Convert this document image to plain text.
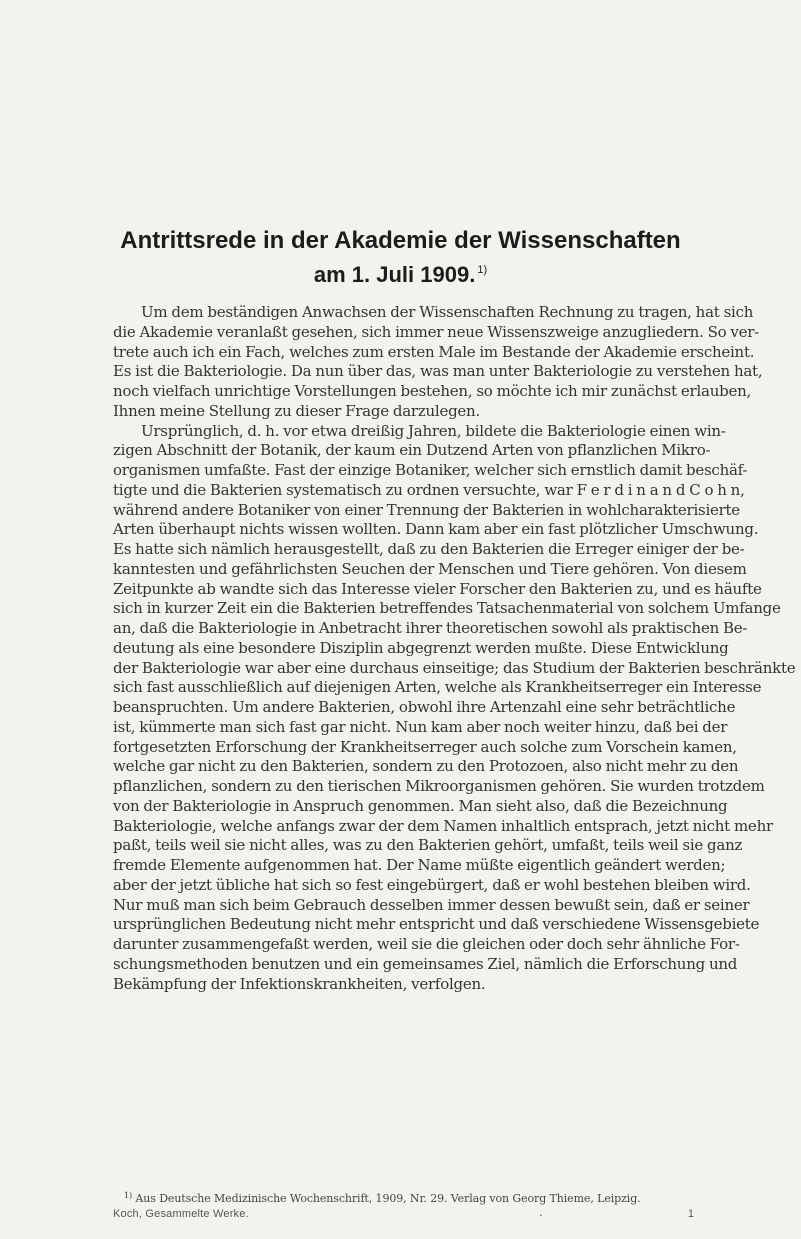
Antrittsrede in der Akademie der Wissenschaften
am 1. Juli 1909. $^{1)}$
Um dem beständigen Anwachsen der Wissenschaften Rechnung zu tragen, hat sich
die Akademie veranlaßt gesehen, sich immer neue Wissenszweige anzugliedern. So ver-
trete auch ich ein Fach, welches zum ersten Male im Bestande der Akademie erscheint.
Es ist die Bakteriologie. Da nun über das, was man unter Bakteriologie zu verstehen hat,
noch vielfach unrichtige Vorstellungen bestehen, so möchte ich mir zunächst erlauben,
Ihnen meine Stellung zu dieser Frage darzulegen.
Ursprünglich, d. h. vor etwa dreißig Jahren, bildete die Bakteriologie einen win-
zigen Abschnitt der Botanik, der kaum ein Dutzend Arten von pflanzlichen Mikro-
organismen umfaßte. Fast der einzige Botaniker, welcher sich ernstlich damit beschäf-
tigte und die Bakterien systematisch zu ordnen versuchte, war F e r d i n a n d C o h n,
während andere Botaniker von einer Trennung der Bakterien in wohlcharakterisierte
Arten überhaupt nichts wissen wollten. Dann kam aber ein fast plötzlicher Umschwung.
Es hatte sich nämlich herausgestellt, daß zu den Bakterien die Erreger einiger der be-
kanntesten und gefährlichsten Seuchen der Menschen und Tiere gehören. Von diesem
Zeitpunkte ab wandte sich das Interesse vieler Forscher den Bakterien zu, und es häufte
sich in kurzer Zeit ein die Bakterien betreffendes Tatsachenmaterial von solchem Umfange
an, daß die Bakteriologie in Anbetracht ihrer theoretischen sowohl als praktischen Be-
deutung als eine besondere Disziplin abgegrenzt werden mußte. Diese Entwicklung
der Bakteriologie war aber eine durchaus einseitige; das Studium der Bakterien beschränkte
sich fast ausschließlich auf diejenigen Arten, welche als Krankheitserreger ein Interesse
beanspruchten. Um andere Bakterien, obwohl ihre Artenzahl eine sehr beträchtliche
ist, kümmerte man sich fast gar nicht. Nun kam aber noch weiter hinzu, daß bei der
fortgesetzten Erforschung der Krankheitserreger auch solche zum Vorschein kamen,
welche gar nicht zu den Bakterien, sondern zu den Protozoen, also nicht mehr zu den
pflanzlichen, sondern zu den tierischen Mikroorganismen gehören. Sie wurden trotzdem
von der Bakteriologie in Anspruch genommen. Man sieht also, daß die Bezeichnung
Bakteriologie, welche anfangs zwar der dem Namen inhaltlich entsprach, jetzt nicht mehr
paßt, teils weil sie nicht alles, was zu den Bakterien gehört, umfaßt, teils weil sie ganz
fremde Elemente aufgenommen hat. Der Name müßte eigentlich geändert werden;
aber der jetzt übliche hat sich so fest eingebürgert, daß er wohl bestehen bleiben wird.
Nur muß man sich beim Gebrauch desselben immer dessen bewußt sein, daß er seiner
ursprünglichen Bedeutung nicht mehr entspricht und daß verschiedene Wissensgebiete
darunter zusammengefaßt werden, weil sie die gleichen oder doch sehr ähnliche For-
schungsmethoden benutzen und ein gemeinsames Ziel, nämlich die Erforschung und
Bekämpfung der Infektionskrankheiten, verfolgen.
$^{1)}$ Aus Deutsche Medizinische Wochenschrift, 1909, Nr. 29. Verlag von Georg Thieme, Leipzig.
Koch, Gesammelte Werke.	.	1
